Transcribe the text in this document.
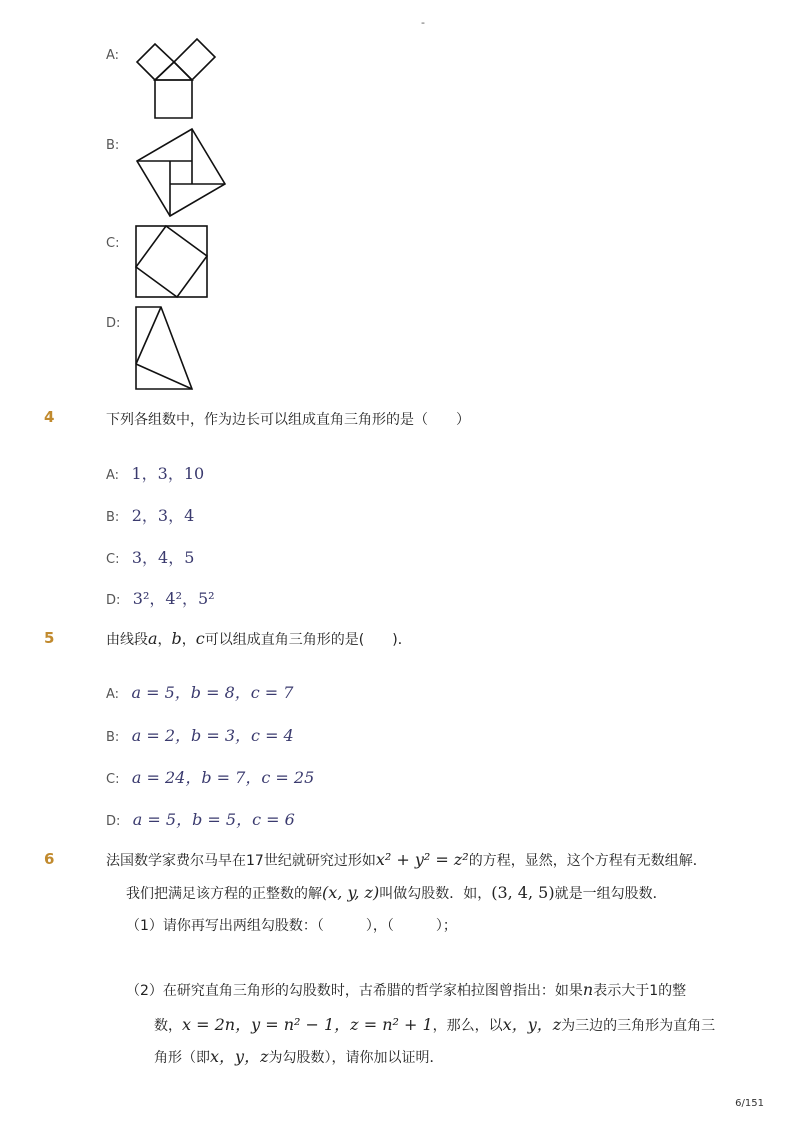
-
A:
B:
C:
D:
4	下列各组数中，作为边长可以组成直角三角形的是（　　）
A: 1，3，10
B: 2，3，4
C: 3，4，5
D: 3²，4²，5²
5	由线段a，b，c可以组成直角三角形的是(　　)．
A: a = 5，b = 8，c = 7
B: a = 2，b = 3，c = 4
C: a = 24，b = 7，c = 25
D: a = 5，b = 5，c = 6
6	法国数学家费尔马早在17世纪就研究过形如x² + y² = z²的方程，显然，这个方程有无数组解．
我们把满足该方程的正整数的解(x, y, z)叫做勾股数．如，(3, 4, 5)就是一组勾股数．
（1）请你再写出两组勾股数：（　　　），（　　　）；
（2）在研究直角三角形的勾股数时，古希腊的哲学家柏拉图曾指出：如果n表示大于1的整
数，x = 2n，y = n² − 1，z = n² + 1，那么，以x，y，z为三边的三角形为直角三
角形（即x，y，z为勾股数），请你加以证明．
6/151
